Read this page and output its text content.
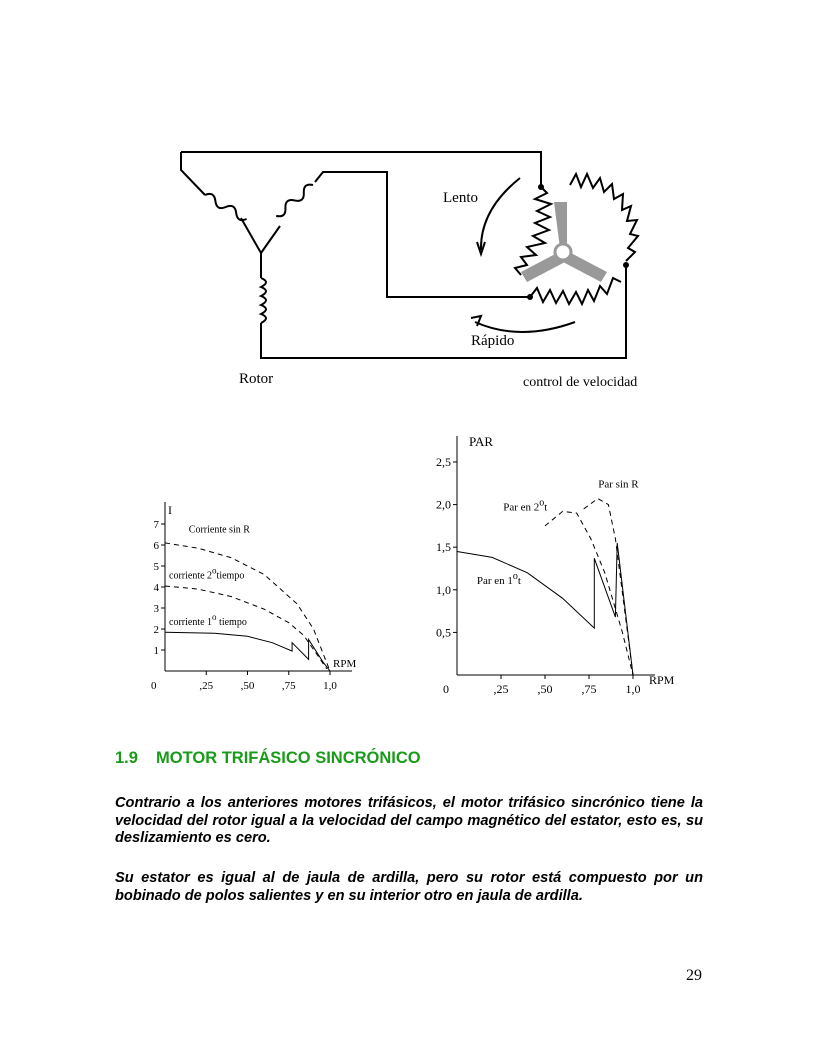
Lento
Rápido
Rotor	control de velocidad
I
RPM
0
1
2
3
4
5
6
7
,25	,50	,75	1,0
Corriente sin R
corriente 2otiempo
corriente 1o tiempo
PAR
RPM
0
0,5
1,0
1,5
2,0
2,5
,25 ,50 ,75 1,0
Par sin R
Par en 2ot
Par en 1ot
1.9 MOTOR TRIFÁSICO SINCRÓNICO

Contrario a los anteriores motores trifásicos, el motor trifásico sincrónico tiene la velocidad del rotor igual a la velocidad del campo magnético del estator, esto es, su deslizamiento es cero.

Su estator es igual al de jaula de ardilla, pero su rotor está compuesto por un bobinado de polos salientes y en su interior otro en jaula de ardilla.

29
